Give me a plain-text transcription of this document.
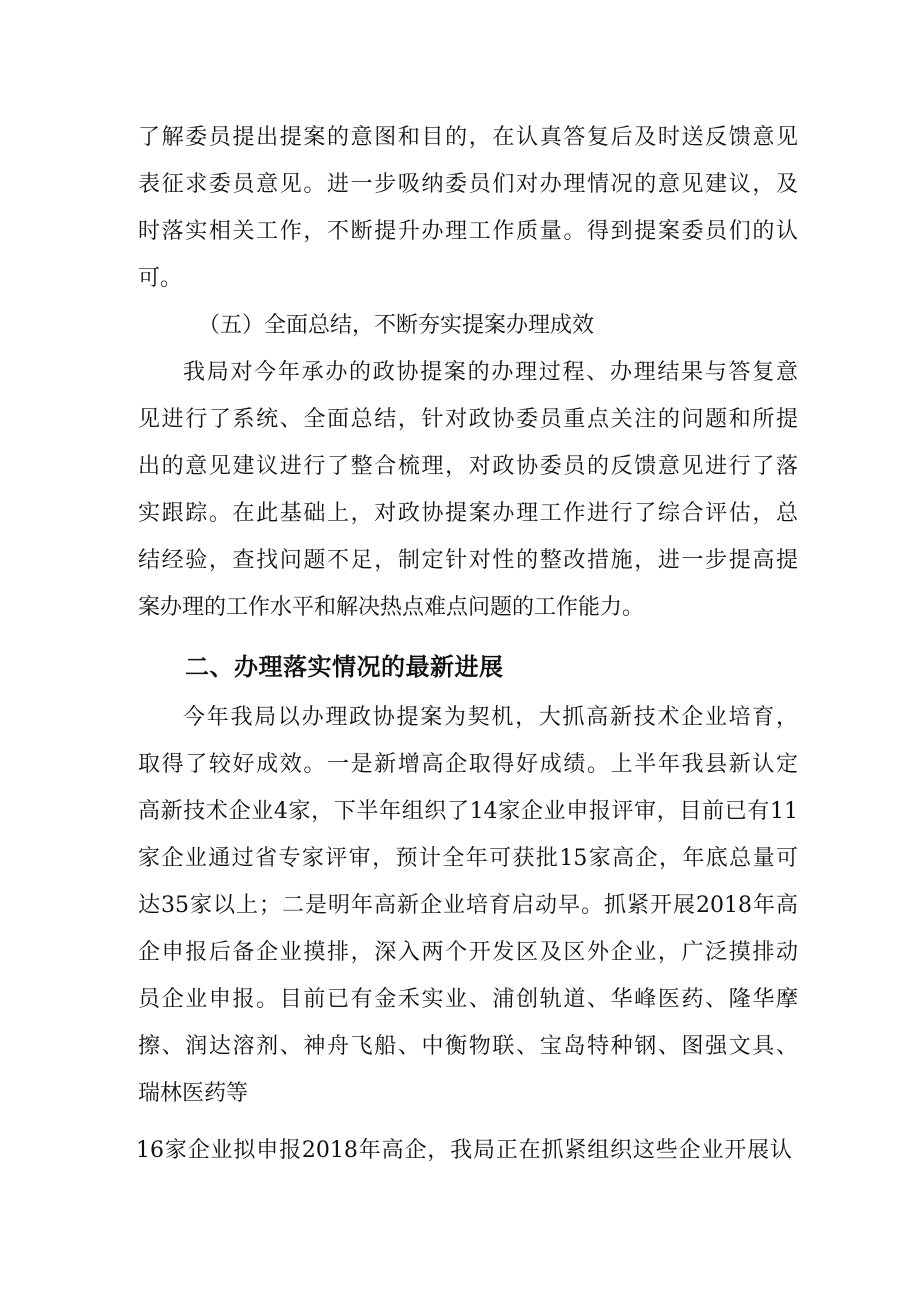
了解委员提出提案的意图和目的，在认真答复后及时送反馈意见
表征求委员意见。进一步吸纳委员们对办理情况的意见建议，及
时落实相关工作，不断提升办理工作质量。得到提案委员们的认
可。
（五）全面总结，不断夯实提案办理成效
我局对今年承办的政协提案的办理过程、办理结果与答复意
见进行了系统、全面总结，针对政协委员重点关注的问题和所提
出的意见建议进行了整合梳理，对政协委员的反馈意见进行了落
实跟踪。在此基础上，对政协提案办理工作进行了综合评估，总
结经验，查找问题不足，制定针对性的整改措施，进一步提高提
案办理的工作水平和解决热点难点问题的工作能力。
二、办理落实情况的最新进展
今年我局以办理政协提案为契机，大抓高新技术企业培育，
取得了较好成效。一是新增高企取得好成绩。上半年我县新认定
高新技术企业4家，下半年组织了14家企业申报评审，目前已有11
家企业通过省专家评审，预计全年可获批15家高企，年底总量可
达35家以上；二是明年高新企业培育启动早。抓紧开展2018年高
企申报后备企业摸排，深入两个开发区及区外企业，广泛摸排动
员企业申报。目前已有金禾实业、浦创轨道、华峰医药、隆华摩
擦、润达溶剂、神舟飞船、中衡物联、宝岛特种钢、图强文具、
瑞林医药等
16家企业拟申报2018年高企，我局正在抓紧组织这些企业开展认
